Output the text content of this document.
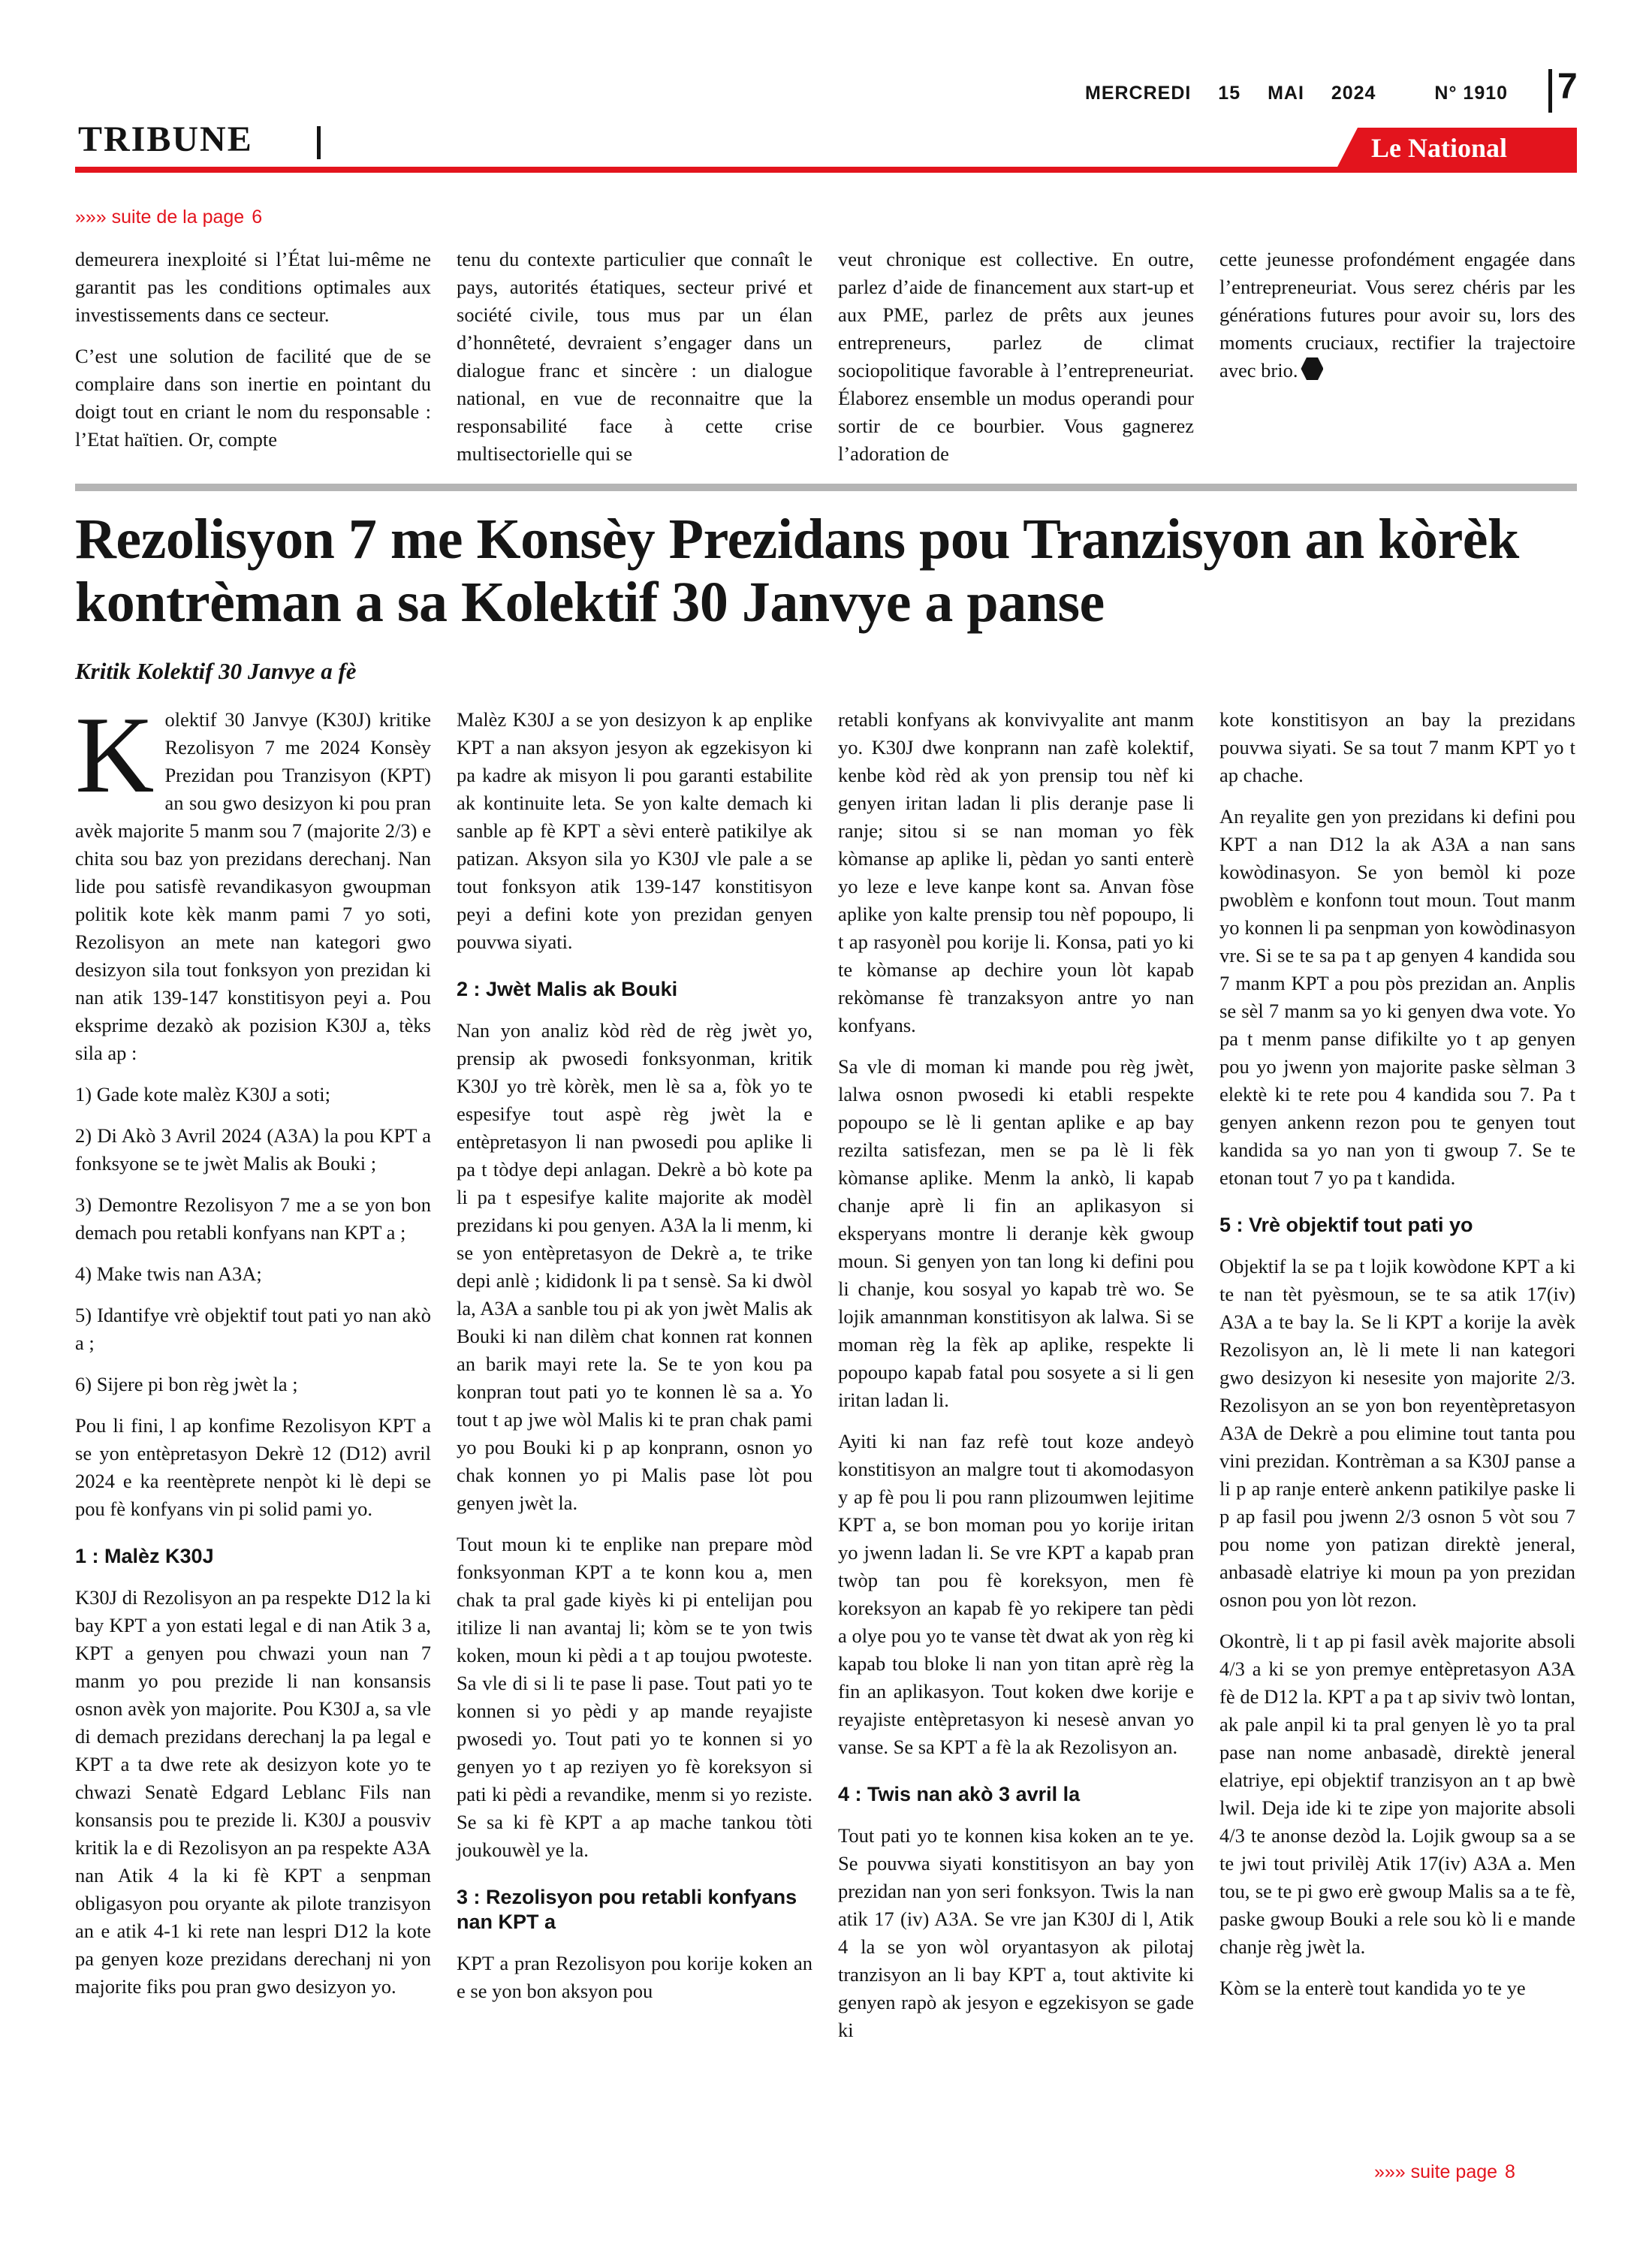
MERCREDI 15 MAI 2024	N° 1910	7
TRIBUNE	Le National
»»» suite de la page 6

demeurera inexploité si l’État lui-même ne garantit pas les conditions optimales aux investissements dans ce secteur.

C’est une solution de facilité que de se complaire dans son inertie en pointant du doigt tout en criant le nom du responsable : l’Etat haïtien. Or, compte

tenu du contexte particulier que connaît le pays, autorités étatiques, secteur privé et société civile, tous mus par un élan d’honnêteté, devraient s’engager dans un dialogue franc et sincère : un dialogue national, en vue de reconnaitre que la responsabilité face à cette crise multisectorielle qui se

veut chronique est collective. En outre, parlez d’aide de financement aux start-up et aux PME, parlez de prêts aux jeunes entrepreneurs, parlez de climat sociopolitique favorable à l’entrepreneuriat. Élaborez ensemble un modus operandi pour sortir de ce bourbier. Vous gagnerez l’adoration de

cette jeunesse profondément engagée dans l’entrepreneuriat. Vous serez chéris par les générations futures pour avoir su, lors des moments cruciaux, rectifier la trajectoire avec brio.

Rezolisyon 7 me Konsèy Prezidans pou Tranzisyon an kòrèk kontrèman a sa Kolektif 30 Janvye a panse
Kritik Kolektif 30 Janvye a fè

Kolektif 30 Janvye (K30J) kritike Rezolisyon 7 me 2024 Konsèy Prezidan pou Tranzisyon (KPT) an sou gwo desizyon ki pou pran avèk majorite 5 manm sou 7 (majorite 2/3) e chita sou baz yon prezidans derechanj. Nan lide pou satisfè revandikasyon gwoupman politik kote kèk manm pami 7 yo soti, Rezolisyon an mete nan kategori gwo desizyon sila tout fonksyon yon prezidan ki nan atik 139-147 konstitisyon peyi a. Pou eksprime dezakò ak pozision K30J a, tèks sila ap :

1) Gade kote malèz K30J a soti;

2) Di Akò 3 Avril 2024 (A3A) la pou KPT a fonksyone se te jwèt Malis ak Bouki ;

3) Demontre Rezolisyon 7 me a se yon bon demach pou retabli konfyans nan KPT a ;

4) Make twis nan A3A;

5) Idantifye vrè objektif tout pati yo nan akò a ;

6) Sijere pi bon règ jwèt la ;

Pou li fini, l ap konfime Rezolisyon KPT a se yon entèpretasyon Dekrè 12 (D12) avril 2024 e ka reentèprete nenpòt ki lè depi se pou fè konfyans vin pi solid pami yo.

1 : Malèz K30J

K30J di Rezolisyon an pa respekte D12 la ki bay KPT a yon estati legal e di nan Atik 3 a, KPT a genyen pou chwazi youn nan 7 manm yo pou prezide li nan konsansis osnon avèk yon majorite. Pou K30J a, sa vle di demach prezidans derechanj la pa legal e KPT a ta dwe rete ak desizyon kote yo te chwazi Senatè Edgard Leblanc Fils nan konsansis pou te prezide li. K30J a pousviv kritik la e di Rezolisyon an pa respekte A3A nan Atik 4 la ki fè KPT a senpman obligasyon pou oryante ak pilote tranzisyon an e atik 4-1 ki rete nan lespri D12 la kote pa genyen koze prezidans derechanj ni yon majorite fiks pou pran gwo desizyon yo.

Malèz K30J a se yon desizyon k ap enplike KPT a nan aksyon jesyon ak egzekisyon ki pa kadre ak misyon li pou garanti estabilite ak kontinuite leta. Se yon kalte demach ki sanble ap fè KPT a sèvi enterè patikilye ak patizan. Aksyon sila yo K30J vle pale a se tout fonksyon atik 139-147 konstitisyon peyi a defini kote yon prezidan genyen pouvwa siyati.

2 : Jwèt Malis ak Bouki

Nan yon analiz kòd rèd de règ jwèt yo, prensip ak pwosedi fonksyonman, kritik K30J yo trè kòrèk, men lè sa a, fòk yo te espesifye tout aspè règ jwèt la e entèpretasyon li nan pwosedi pou aplike li pa t tòdye depi anlagan. Dekrè a bò kote pa li pa t espesifye kalite majorite ak modèl prezidans ki pou genyen. A3A la li menm, ki se yon entèpretasyon de Dekrè a, te trike depi anlè ; kididonk li pa t sensè. Sa ki dwòl la, A3A a sanble tou pi ak yon jwèt Malis ak Bouki ki nan dilèm chat konnen rat konnen an barik mayi rete la. Se te yon kou pa konpran tout pati yo te konnen lè sa a. Yo tout t ap jwe wòl Malis ki te pran chak pami yo pou Bouki ki p ap konprann, osnon yo chak konnen yo pi Malis pase lòt pou genyen jwèt la.

Tout moun ki te enplike nan prepare mòd fonksyonman KPT a te konn kou a, men chak ta pral gade kiyès ki pi entelijan pou itilize li nan avantaj li; kòm se te yon twis koken, moun ki pèdi a t ap toujou pwoteste. Sa vle di si li te pase li pase. Tout pati yo te konnen si yo pèdi y ap mande reyajiste pwosedi yo. Tout pati yo te konnen si yo genyen yo t ap reziyen yo fè koreksyon si pati ki pèdi a revandike, menm si yo reziste. Se sa ki fè KPT a ap mache tankou tòti joukouwèl ye la.

3 : Rezolisyon pou retabli konfyans nan KPT a

KPT a pran Rezolisyon pou korije koken an e se yon bon aksyon pou

retabli konfyans ak konvivyalite ant manm yo. K30J dwe konprann nan zafè kolektif, kenbe kòd rèd ak yon prensip tou nèf ki genyen iritan ladan li plis deranje pase li ranje; sitou si se nan moman yo fèk kòmanse ap aplike li, pèdan yo santi enterè yo leze e leve kanpe kont sa. Anvan fòse aplike yon kalte prensip tou nèf popoupo, li t ap rasyonèl pou korije li. Konsa, pati yo ki te kòmanse ap dechire youn lòt kapab rekòmanse fè tranzaksyon antre yo nan konfyans.

Sa vle di moman ki mande pou règ jwèt, lalwa osnon pwosedi ki etabli respekte popoupo se lè li gentan aplike e ap bay rezilta satisfezan, men se pa lè li fèk kòmanse aplike. Menm la ankò, li kapab chanje aprè li fin an aplikasyon si eksperyans montre li deranje kèk gwoup moun. Si genyen yon tan long ki defini pou li chanje, kou sosyal yo kapab trè wo. Se lojik amannman konstitisyon ak lalwa. Si se moman règ la fèk ap aplike, respekte li popoupo kapab fatal pou sosyete a si li gen iritan ladan li.

Ayiti ki nan faz refè tout koze andeyò konstitisyon an malgre tout ti akomodasyon y ap fè pou li pou rann plizoumwen lejitime KPT a, se bon moman pou yo korije iritan yo jwenn ladan li. Se vre KPT a kapab pran twòp tan pou fè koreksyon, men fè koreksyon an kapab fè yo rekipere tan pèdi a olye pou yo te vanse tèt dwat ak yon règ ki kapab tou bloke li nan yon titan aprè règ la fin an aplikasyon. Tout koken dwe korije e reyajiste entèpretasyon ki nesesè anvan yo vanse. Se sa KPT a fè la ak Rezolisyon an.

4 : Twis nan akò 3 avril la

Tout pati yo te konnen kisa koken an te ye. Se pouvwa siyati konstitisyon an bay yon prezidan nan yon seri fonksyon. Twis la nan atik 17 (iv) A3A. Se vre jan K30J di l, Atik 4 la se yon wòl oryantasyon ak pilotaj tranzisyon an li bay KPT a, tout aktivite ki genyen rapò ak jesyon e egzekisyon se gade ki

kote konstitisyon an bay la prezidans pouvwa siyati. Se sa tout 7 manm KPT yo t ap chache.

An reyalite gen yon prezidans ki defini pou KPT a nan D12 la ak A3A a nan sans kowòdinasyon. Se yon bemòl ki poze pwoblèm e konfonn tout moun. Tout manm yo konnen li pa senpman yon kowòdinasyon vre. Si se te sa pa t ap genyen 4 kandida sou 7 manm KPT a pou pòs prezidan an. Anplis se sèl 7 manm sa yo ki genyen dwa vote. Yo pa t menm panse difikilte yo t ap genyen pou yo jwenn yon majorite paske sèlman 3 elektè ki te rete pou 4 kandida sou 7. Pa t genyen ankenn rezon pou te genyen tout kandida sa yo nan yon ti gwoup 7. Se te etonan tout 7 yo pa t kandida.

5 : Vrè objektif tout pati yo

Objektif la se pa t lojik kowòdone KPT a ki te nan tèt pyèsmoun, se te sa atik 17(iv) A3A a te bay la. Se li KPT a korije la avèk Rezolisyon an, lè li mete li nan kategori gwo desizyon ki nesesite yon majorite 2/3. Rezolisyon an se yon bon reyentèpretasyon A3A de Dekrè a pou elimine tout tanta pou vini prezidan. Kontrèman a sa K30J panse a li p ap ranje enterè ankenn patikilye paske li p ap fasil pou jwenn 2/3 osnon 5 vòt sou 7 pou nome yon patizan direktè jeneral, anbasadè elatriye ki moun pa yon prezidan osnon pou yon lòt rezon.

Okontrè, li t ap pi fasil avèk majorite absoli 4/3 a ki se yon premye entèpretasyon A3A fè de D12 la. KPT a pa t ap siviv twò lontan, ak pale anpil ki ta pral genyen lè yo ta pral pase nan nome anbasadè, direktè jeneral elatriye, epi objektif tranzisyon an t ap bwè lwil. Deja ide ki te zipe yon majorite absoli 4/3 te anonse dezòd la. Lojik gwoup sa a se te jwi tout privilèj Atik 17(iv) A3A a. Men tou, se te pi gwo erè gwoup Malis sa a te fè, paske gwoup Bouki a rele sou kò li e mande chanje règ jwèt la.

Kòm se la enterè tout kandida yo te ye

»»» suite page 8
